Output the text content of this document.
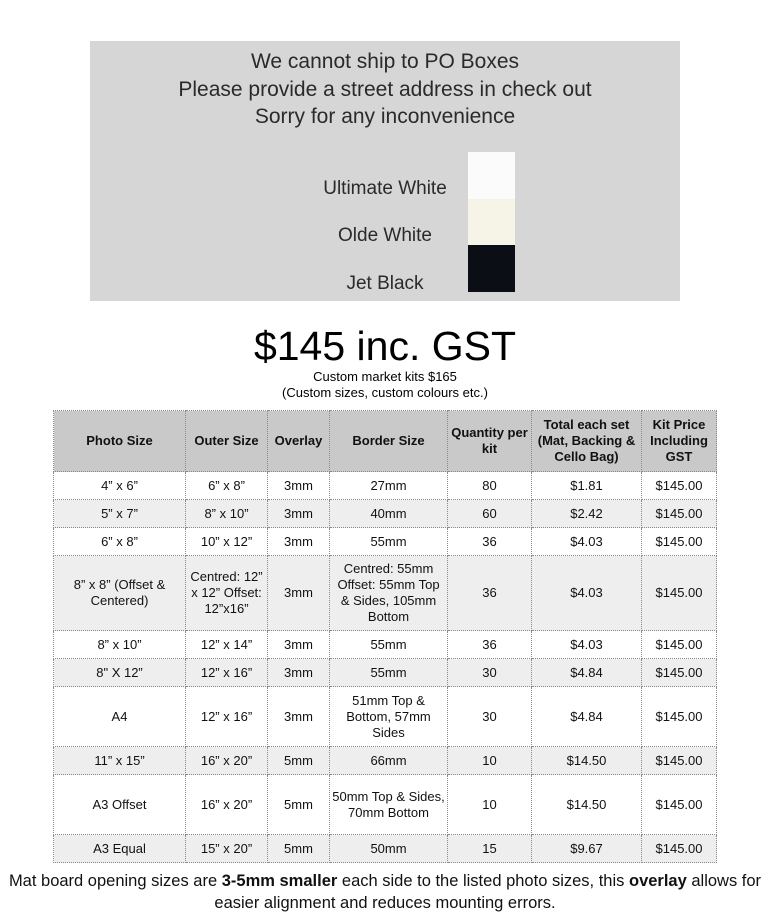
We cannot ship to PO Boxes
Please provide a street address in check out
Sorry for any inconvenience
Ultimate White
Olde White
Jet Black
$145 inc. GST
Custom market kits $165
(Custom sizes, custom colours etc.)
Photo Size	Outer Size	Overlay	Border Size	Quantity per kit	Total each set (Mat, Backing & Cello Bag)	Kit Price Including GST
4” x 6”	6” x 8”	3mm	27mm	80	$1.81	$145.00
5” x 7”	8” x 10”	3mm	40mm	60	$2.42	$145.00
6” x 8”	10” x 12”	3mm	55mm	36	$4.03	$145.00
8” x 8” (Offset & Centered)	Centred: 12” x 12” Offset: 12”x16”	3mm	Centred: 55mm Offset: 55mm Top & Sides, 105mm Bottom	36	$4.03	$145.00
8” x 10”	12” x 14”	3mm	55mm	36	$4.03	$145.00
8" X 12”	12” x 16”	3mm	55mm	30	$4.84	$145.00
A4	12” x 16”	3mm	51mm Top & Bottom, 57mm Sides	30	$4.84	$145.00
11” x 15”	16” x 20”	5mm	66mm	10	$14.50	$145.00
A3 Offset	16” x 20”	5mm	50mm Top & Sides, 70mm Bottom	10	$14.50	$145.00
A3 Equal	15” x 20”	5mm	50mm	15	$9.67	$145.00
Mat board opening sizes are 3-5mm smaller each side to the listed photo sizes, this overlay allows for easier alignment and reduces mounting errors.
